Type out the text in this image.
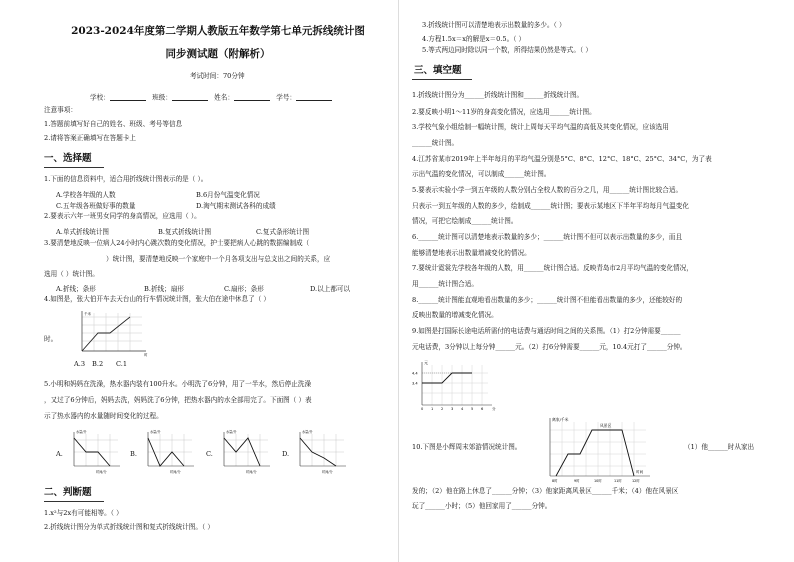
2023-2024年度第二学期人教版五年数学第七单元拆线统计图
同步测试题（附解析）
考试时间：70分钟
学校：	班级：	姓名：	学号：
注意事项：
1.答题前填写好自己的姓名、班级、考号等信息
2.请将答案正确填写在答题卡上
一、选择题
1.下面的信息资料中，适合用折线统计图表示的是（ ）。
A.学校各年级的人数	B.6月份气温变化情况
C.五年级各班做好事的数量	D.淘气期末测试各科的成绩
2.要表示六年一班男女同学的身高情况，应选用（ ）。
A.单式折线统计图	B.复式折线统计图	C.复式条形统计图
3.要清楚地反映一位病人24小时内心跳次数的变化情况，护士要把病人心跳的数据编制成（
）统计图，要清楚地反映一个家庭中一个月各项支出与总支出之间的关系，应
选用（ ）统计图。
A.折线；条形	B.折线；扇形	C.扇形；条形	D.以上都可以
4.如图是，张大伯开车去天台山的行车情况统计图，张大伯在途中休息了（ ）
千米
时
时。
A.3 B.2 C.1
5.小明和妈妈在洗澡，热水器内装有100升水。小明洗了6分钟，用了一半水，然后停止洗澡
，又过了6分钟后，妈妈去洗，妈妈洗了6分钟，把热水器内的水全部用完了。下面图（ ）表
示了热水器内的水量随时间变化的过程。
A.	B.	C.	D.
水量/升
时间/分
水量/升
时间/分
水量/升
时间/分
水量/升
时间/分
二、判断题
1.x²与2x有可能相等。（ ）
2.折线统计图分为单式折线统计图和复式折线统计图。（ ）
3.折线统计图可以清楚地表示出数量的多少。（ ）
4.方程1.5x＝x的解是x＝0.5。（ ）
5.等式两边同时除以同一个数，所得结果仍然是等式。（ ）
三、填空题
1.折线统计图分为______折线统计图和______折线统计图。
2.要反映小明1～11岁的身高变化情况，应选用______统计图。
3.学校气象小组绘制一幅统计图，统计上周每天平均气温的高低及其变化情况，应该选用
______统计图。
4.江苏省某市2019年上半年每月的平均气温分别是5°C、8°C、12°C、18°C、25°C、34°C，为了表
示出气温的变化情况，可以制成______统计图。
5.要表示实验小学一到五年级的人数分别占全校人数的百分之几，用______统计图比较合适。
只表示一到五年级的人数的多少，绘制成______统计图；要表示某地区下半年平均每月气温变化
情况，可把它绘制成______统计图。
6.______统计图可以清楚地表示数量的多少；______统计图不但可以表示出数量的多少，而且
能够清楚地表示出数量增减变化的情况。
7.要统计霓裳先学校各年级的人数，用______统计图合适。反映青岛市2月平均气温的变化情况，
用______统计图合适。
8.______统计图能直观地看出数量的多少；______统计图不但能看出数量的多少，还能较好的
反映出数量的增减变化情况。
9.如图是打国际长途电话所需付的电话费与通话时间之间的关系图。（1）打2分钟需要______
元电话费，3分钟以上每分钟______元。（2）打6分钟需要______元，10.4元打了______分钟。
元
4.4
3.4
0 1 2 3 4 5 6 分
10.下图是小辉周末郊游情况统计图。
离家/千米
风景区
时间
8时	9时	10时	11时	12时
（1）他______时从家出
发的；（2）他在路上休息了______分钟；（3）他家距离风景区______千米；（4）他在风景区
玩了______小时；（5）他回家用了______分钟。
